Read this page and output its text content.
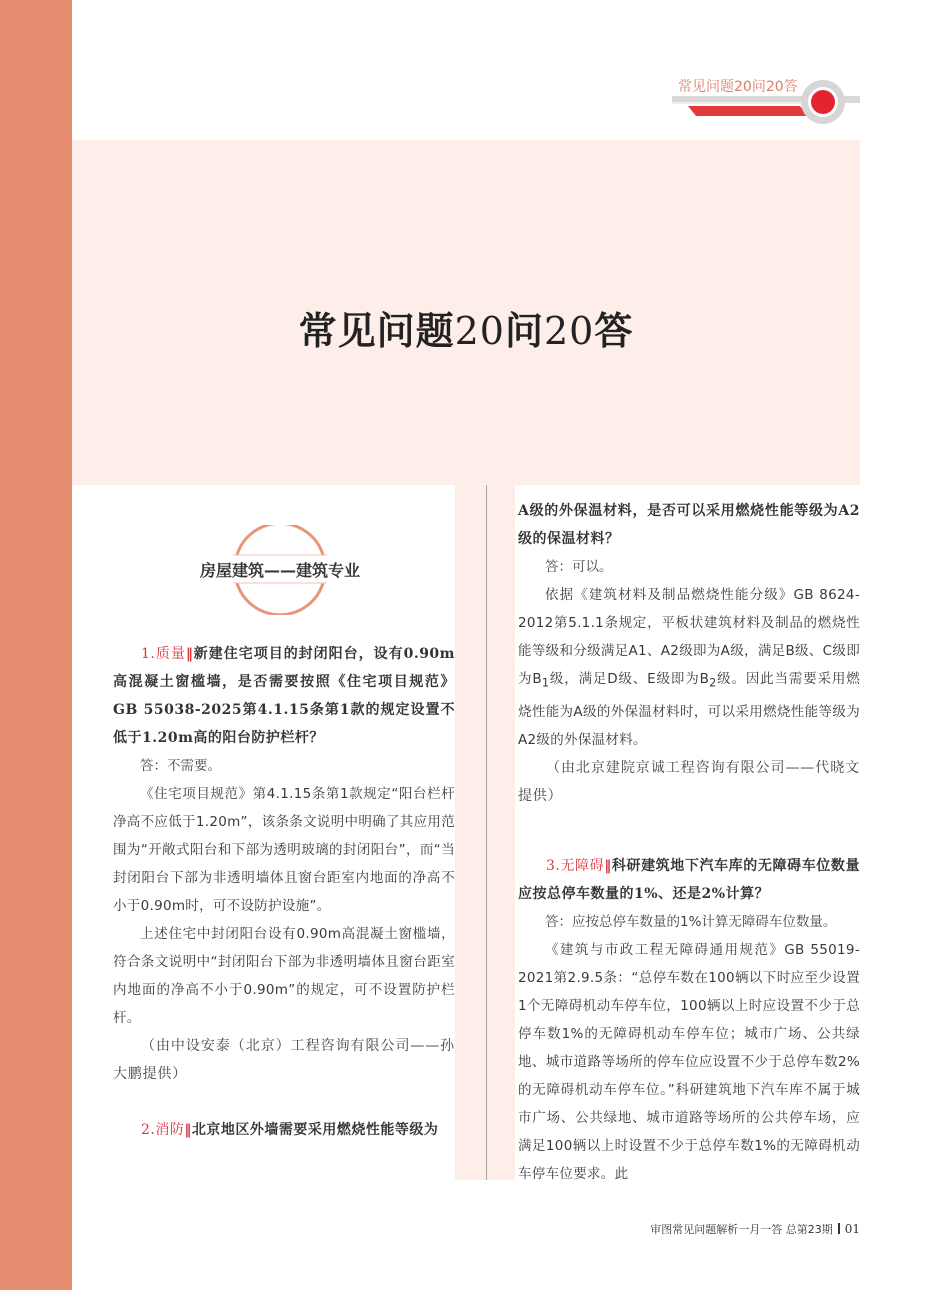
常见问题20问20答
常见问题20问20答
房屋建筑——建筑专业

1.质量‖新建住宅项目的封闭阳台，设有0.90m高混凝土窗槛墙，是否需要按照《住宅项目规范》GB 55038-2025第4.1.15条第1款的规定设置不低于1.20m高的阳台防护栏杆？

答：不需要。

《住宅项目规范》第4.1.15条第1款规定“阳台栏杆净高不应低于1.20m”，该条条文说明中明确了其应用范围为“开敞式阳台和下部为透明玻璃的封闭阳台”，而“当封闭阳台下部为非透明墙体且窗台距室内地面的净高不小于0.90m时，可不设防护设施”。

上述住宅中封闭阳台设有0.90m高混凝土窗槛墙，符合条文说明中“封闭阳台下部为非透明墙体且窗台距室内地面的净高不小于0.90m”的规定，可不设置防护栏杆。

（由中设安泰（北京）工程咨询有限公司——孙大鹏提供）

2.消防‖北京地区外墙需要采用燃烧性能等级为

A级的外保温材料，是否可以采用燃烧性能等级为A2级的保温材料？

答：可以。

依据《建筑材料及制品燃烧性能分级》GB 8624-2012第5.1.1条规定，平板状建筑材料及制品的燃烧性能等级和分级满足A1、A2级即为A级，满足B级、C级即为$B_1$级，满足D级、E级即为$B_2$级。因此当需要采用燃烧性能为A级的外保温材料时，可以采用燃烧性能等级为A2级的外保温材料。

（由北京建院京诚工程咨询有限公司——代晓文提供）

3.无障碍‖科研建筑地下汽车库的无障碍车位数量应按总停车数量的1%、还是2%计算？

答：应按总停车数量的1%计算无障碍车位数量。

《建筑与市政工程无障碍通用规范》GB 55019-2021第2.9.5条：“总停车数在100辆以下时应至少设置1个无障碍机动车停车位，100辆以上时应设置不少于总停车数1%的无障碍机动车停车位；城市广场、公共绿地、城市道路等场所的停车位应设置不少于总停车数2%的无障碍机动车停车位。”科研建筑地下汽车库不属于城市广场、公共绿地、城市道路等场所的公共停车场，应满足100辆以上时设置不少于总停车数1%的无障碍机动车停车位要求。此

审图常见问题解析一月一答 总第23期 01
